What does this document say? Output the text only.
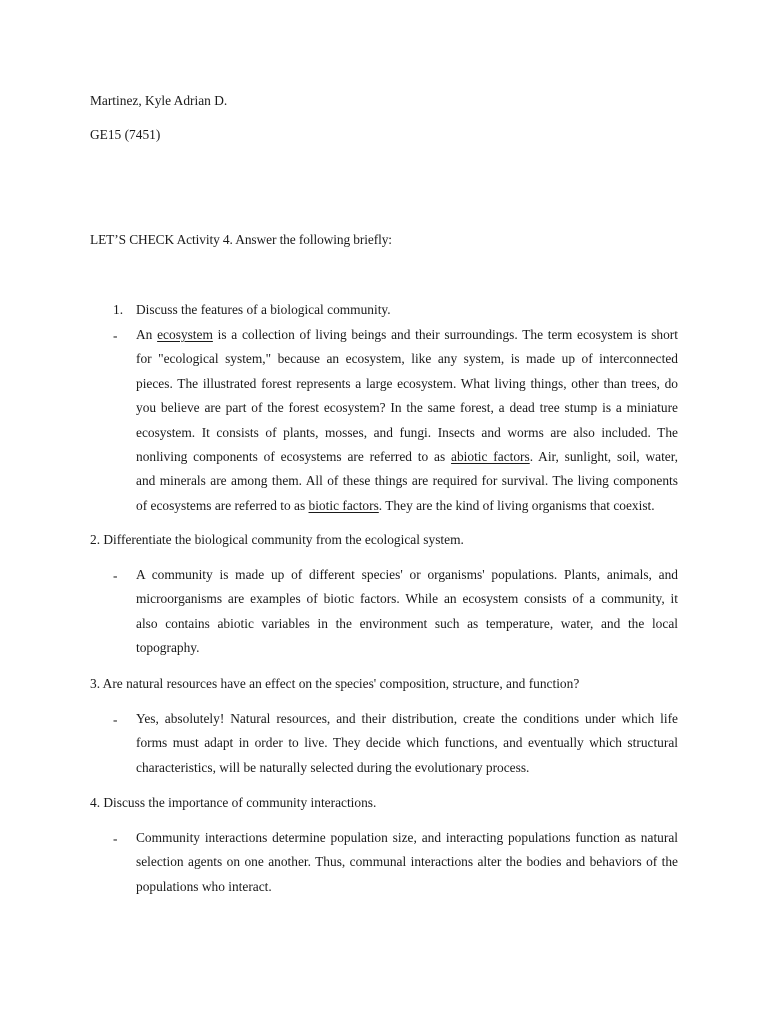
Martinez, Kyle Adrian D.
GE15 (7451)
LET’S CHECK Activity 4. Answer the following briefly:
1. Discuss the features of a biological community.
- An ecosystem is a collection of living beings and their surroundings. The term ecosystem is short
for "ecological system," because an ecosystem, like any system, is made up of interconnected
pieces. The illustrated forest represents a large ecosystem. What living things, other than trees, do
you believe are part of the forest ecosystem? In the same forest, a dead tree stump is a miniature
ecosystem. It consists of plants, mosses, and fungi. Insects and worms are also included. The
nonliving components of ecosystems are referred to as abiotic factors. Air, sunlight, soil, water,
and minerals are among them. All of these things are required for survival. The living components
of ecosystems are referred to as biotic factors. They are the kind of living organisms that coexist.
2. Differentiate the biological community from the ecological system.
- A community is made up of different species' or organisms' populations. Plants, animals, and
microorganisms are examples of biotic factors. While an ecosystem consists of a community, it
also contains abiotic variables in the environment such as temperature, water, and the local
topography.
3. Are natural resources have an effect on the species' composition, structure, and function?
- Yes, absolutely! Natural resources, and their distribution, create the conditions under which life
forms must adapt in order to live. They decide which functions, and eventually which structural
characteristics, will be naturally selected during the evolutionary process.
4. Discuss the importance of community interactions.
- Community interactions determine population size, and interacting populations function as natural
selection agents on one another. Thus, communal interactions alter the bodies and behaviors of the
populations who interact.
